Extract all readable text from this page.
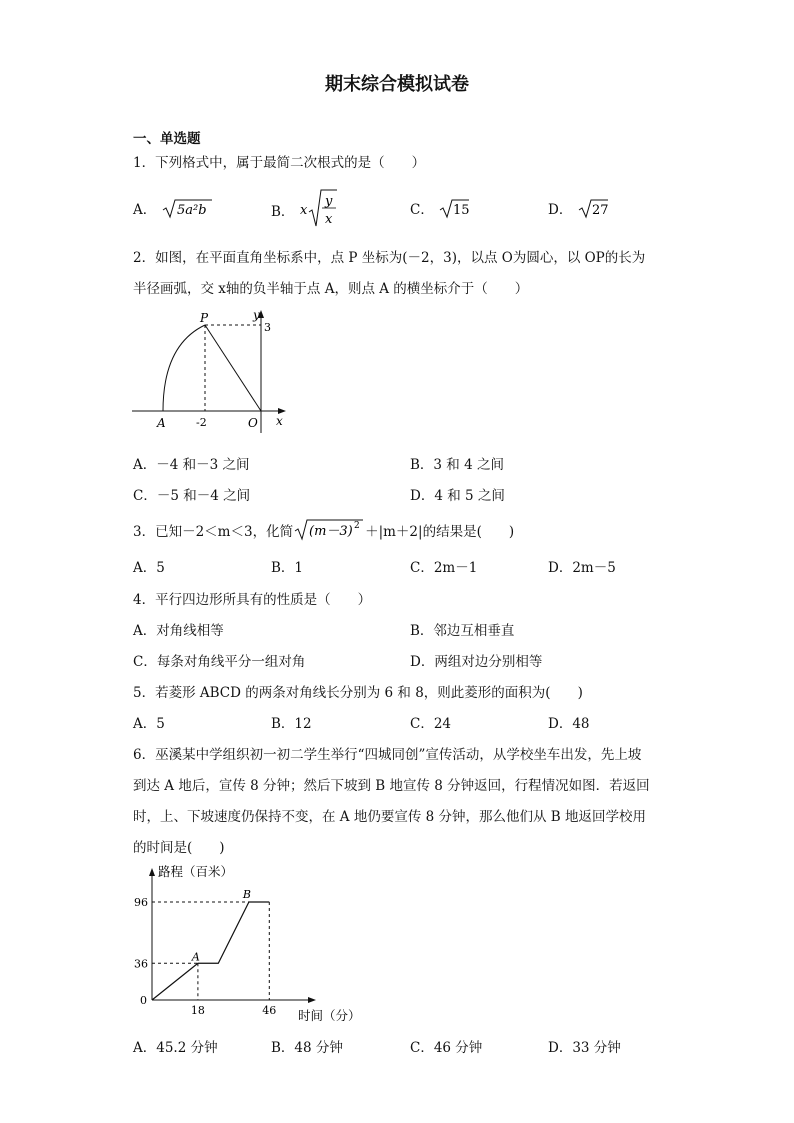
期末综合模拟试卷
一、单选题
1．下列格式中，属于最简二次根式的是（　　）
A． 5a²b	B． x
y
x
C． 15	D． 27
2．如图，在平面直角坐标系中，点 P 坐标为(－2，3)，以点 O为圆心，以 OP的长为
半径画弧，交 x轴的负半轴于点 A，则点 A 的横坐标介于（　　）
y
x
P
A	O
-2
3
A．－4 和－3 之间	B．3 和 4 之间
C．－5 和－4 之间	D．4 和 5 之间
3．已知－2＜m＜3，化简 (m－3) 2 ＋|m＋2|的结果是(　　)
A．5	B．1	C．2m－1	D．2m－5
4．平行四边形所具有的性质是（　　）
A．对角线相等	B．邻边互相垂直
C．每条对角线平分一组对角	D．两组对边分别相等
5．若菱形 ABCD 的两条对角线长分别为 6 和 8，则此菱形的面积为(　　)
A．5	B．12	C．24	D．48
6．巫溪某中学组织初一初二学生举行“四城同创”宣传活动，从学校坐车出发，先上坡
到达 A 地后，宣传 8 分钟；然后下坡到 B 地宣传 8 分钟返回，行程情况如图．若返回
时，上、下坡速度仍保持不变，在 A 地仍要宣传 8 分钟，那么他们从 B 地返回学校用
的时间是(　　)
0
18	46
36
96
路程（百米）
时间（分）
A
B
A．45.2 分钟	B．48 分钟	C．46 分钟	D．33 分钟
